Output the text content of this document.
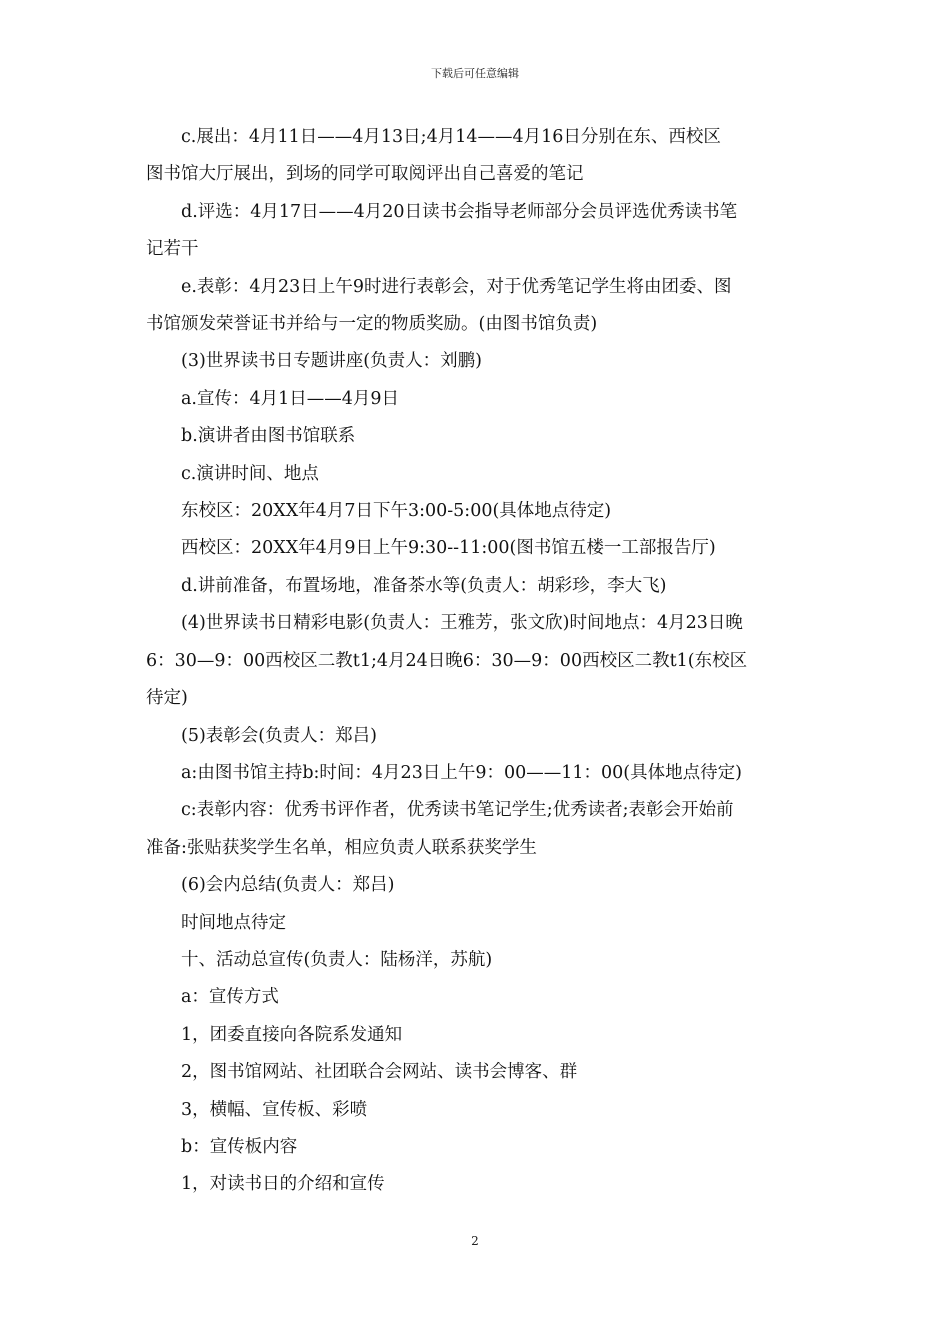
下载后可任意编辑

c.展出：4月11日——4月13日;4月14——4月16日分别在东、西校区

图书馆大厅展出，到场的同学可取阅评出自己喜爱的笔记

d.评选：4月17日——4月20日读书会指导老师部分会员评选优秀读书笔

记若干

e.表彰：4月23日上午9时进行表彰会，对于优秀笔记学生将由团委、图

书馆颁发荣誉证书并给与一定的物质奖励。(由图书馆负责)

(3)世界读书日专题讲座(负责人：刘鹏)

a.宣传：4月1日——4月9日

b.演讲者由图书馆联系

c.演讲时间、地点

东校区：20XX年4月7日下午3:00-5:00(具体地点待定)

西校区：20XX年4月9日上午9:30--11:00(图书馆五楼一工部报告厅)

d.讲前准备，布置场地，准备茶水等(负责人：胡彩珍，李大飞)

(4)世界读书日精彩电影(负责人：王雅芳，张文欣)时间地点：4月23日晚

6：30—9：00西校区二教t1;4月24日晚6：30—9：00西校区二教t1(东校区

待定)

(5)表彰会(负责人：郑吕)

a:由图书馆主持b:时间：4月23日上午9：00——11：00(具体地点待定)

c:表彰内容：优秀书评作者，优秀读书笔记学生;优秀读者;表彰会开始前

准备:张贴获奖学生名单，相应负责人联系获奖学生

(6)会内总结(负责人：郑吕)

时间地点待定

十、活动总宣传(负责人：陆杨洋，苏航)

a：宣传方式

1，团委直接向各院系发通知

2，图书馆网站、社团联合会网站、读书会博客、群

3，横幅、宣传板、彩喷

b：宣传板内容

1，对读书日的介绍和宣传

2
